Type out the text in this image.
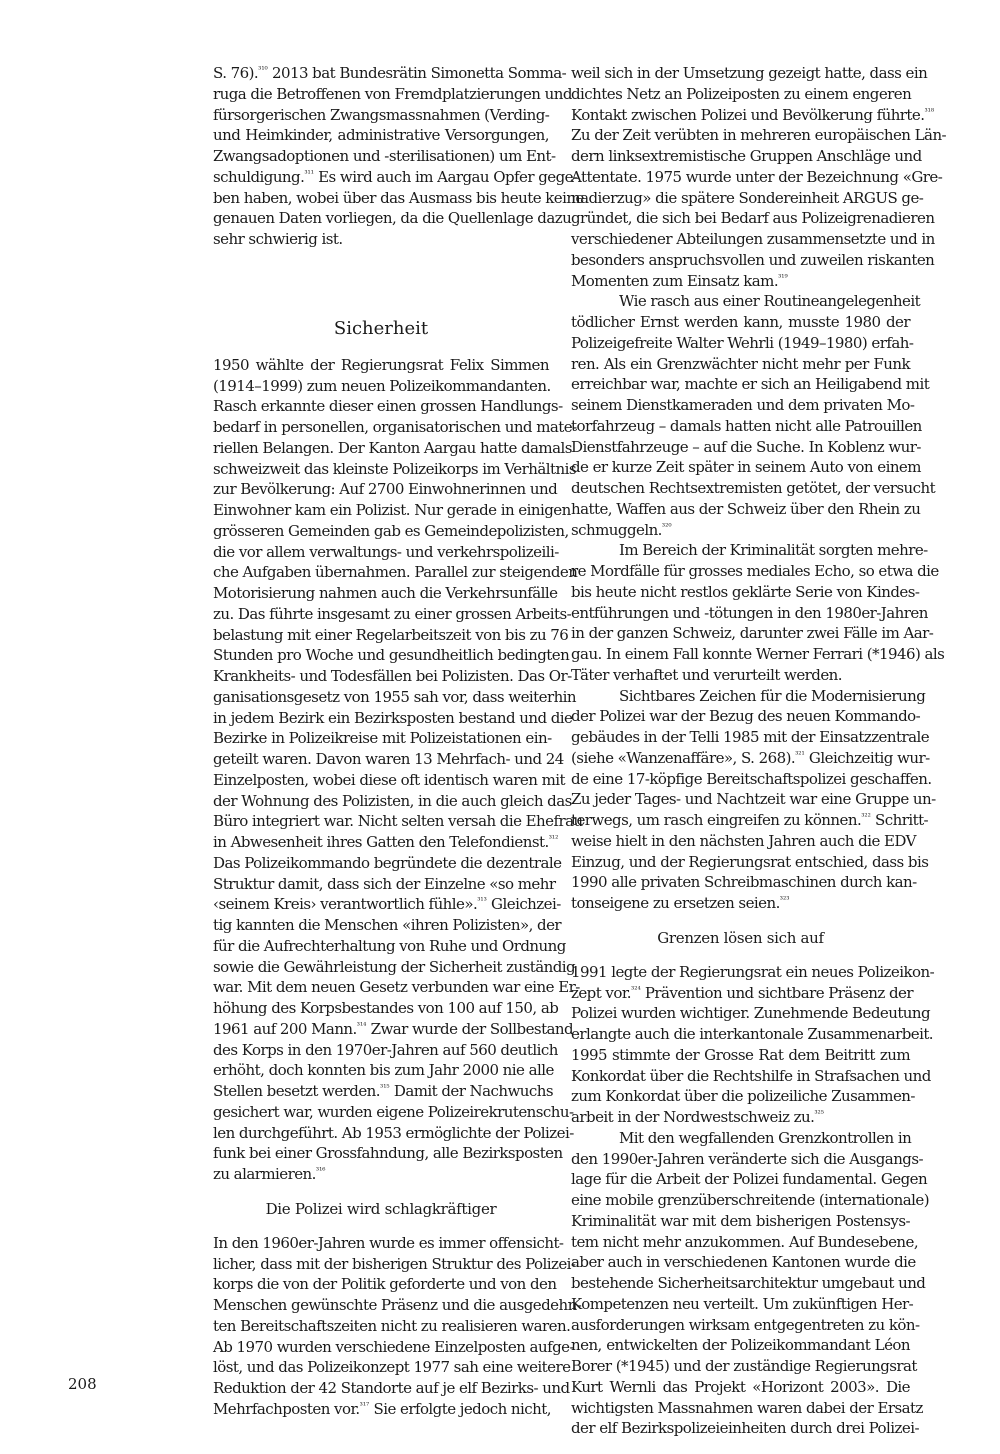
S. 76).$^{^{310}}$ 2013 bat Bundesrätin Simonetta Somma-
ruga die Betroffenen von Fremdplatzierungen und
fürsorgerischen Zwangsmassnahmen (Verding-
und Heimkinder, administrative Versorgungen,
Zwangsadoptionen und -sterilisationen) um Ent-
schuldigung.$^{^{311}}$ Es wird auch im Aargau Opfer gege-
ben haben, wobei über das Ausmass bis heute keine
genauen Daten vorliegen, da die Quellenlage dazu
sehr schwierig ist.
Sicherheit
1950 wählte der Regierungsrat Felix Simmen
(1914–1999) zum neuen Polizeikommandanten.
Rasch erkannte dieser einen grossen Handlungs-
bedarf in personellen, organisatorischen und mate-
riellen Belangen. Der Kanton Aargau hatte damals
schweizweit das kleinste Polizeikorps im Verhältnis
zur Bevölkerung: Auf 2700 Einwohnerinnen und
Einwohner kam ein Polizist. Nur gerade in einigen
grösseren Gemeinden gab es Gemeindepolizisten,
die vor allem verwaltungs- und verkehrspolizeili-
che Aufgaben übernahmen. Parallel zur steigenden
Motorisierung nahmen auch die Verkehrsunfälle
zu. Das führte insgesamt zu einer grossen Arbeits-
belastung mit einer Regelarbeitszeit von bis zu 76
Stunden pro Woche und gesundheitlich bedingten
Krankheits- und Todesfällen bei Polizisten. Das Or-
ganisationsgesetz von 1955 sah vor, dass weiterhin
in jedem Bezirk ein Bezirksposten bestand und die
Bezirke in Polizeikreise mit Polizeistationen ein-
geteilt waren. Davon waren 13 Mehrfach- und 24
Einzelposten, wobei diese oft identisch waren mit
der Wohnung des Polizisten, in die auch gleich das
Büro integriert war. Nicht selten versah die Ehefrau
in Abwesenheit ihres Gatten den Telefondienst.$^{^{312}}$
Das Polizeikommando begründete die dezentrale
Struktur damit, dass sich der Einzelne «so mehr
‹seinem Kreis› verantwortlich fühle».$^{^{313}}$ Gleichzei-
tig kannten die Menschen «ihren Polizisten», der
für die Aufrechterhaltung von Ruhe und Ordnung
sowie die Gewährleistung der Sicherheit zuständig
war. Mit dem neuen Gesetz verbunden war eine Er-
höhung des Korpsbestandes von 100 auf 150, ab
1961 auf 200 Mann.$^{^{314}}$ Zwar wurde der Sollbestand
des Korps in den 1970er-Jahren auf 560 deutlich
erhöht, doch konnten bis zum Jahr 2000 nie alle
Stellen besetzt werden.$^{^{315}}$ Damit der Nachwuchs
gesichert war, wurden eigene Polizeirekrutenschu-
len durchgeführt. Ab 1953 ermöglichte der Polizei-
funk bei einer Grossfahndung, alle Bezirksposten
zu alarmieren.$^{^{316}}$
Die Polizei wird schlagkräftiger
In den 1960er-Jahren wurde es immer offensicht-
licher, dass mit der bisherigen Struktur des Polizei-
korps die von der Politik geforderte und von den
Menschen gewünschte Präsenz und die ausgedehn-
ten Bereitschaftszeiten nicht zu realisieren waren.
Ab 1970 wurden verschiedene Einzelposten aufge-
löst, und das Polizeikonzept 1977 sah eine weitere
Reduktion der 42 Standorte auf je elf Bezirks- und
Mehrfachposten vor.$^{^{317}}$ Sie erfolgte jedoch nicht,
weil sich in der Umsetzung gezeigt hatte, dass ein
dichtes Netz an Polizeiposten zu einem engeren
Kontakt zwischen Polizei und Bevölkerung führte.$^{^{318}}$
Zu der Zeit verübten in mehreren europäischen Län-
dern linksextremistische Gruppen Anschläge und
Attentate. 1975 wurde unter der Bezeichnung «Gre-
nadierzug» die spätere Sondereinheit ARGUS ge-
gründet, die sich bei Bedarf aus Polizeigrenadieren
verschiedener Abteilungen zusammensetzte und in
besonders anspruchsvollen und zuweilen riskanten
Momenten zum Einsatz kam.$^{^{319}}$
Wie rasch aus einer Routineangelegenheit
tödlicher Ernst werden kann, musste 1980 der
Polizeigefreite Walter Wehrli (1949–1980) erfah-
ren. Als ein Grenzwächter nicht mehr per Funk
erreichbar war, machte er sich an Heiligabend mit
seinem Dienstkameraden und dem privaten Mo-
torfahrzeug – damals hatten nicht alle Patrouillen
Dienstfahrzeuge – auf die Suche. In Koblenz wur-
de er kurze Zeit später in seinem Auto von einem
deutschen Rechtsextremisten getötet, der versucht
hatte, Waffen aus der Schweiz über den Rhein zu
schmuggeln.$^{^{320}}$
Im Bereich der Kriminalität sorgten mehre-
re Mordfälle für grosses mediales Echo, so etwa die
bis heute nicht restlos geklärte Serie von Kindes-
entführungen und -tötungen in den 1980er-Jahren
in der ganzen Schweiz, darunter zwei Fälle im Aar-
gau. In einem Fall konnte Werner Ferrari (*1946) als
Täter verhaftet und verurteilt werden.
Sichtbares Zeichen für die Modernisierung
der Polizei war der Bezug des neuen Kommando-
gebäudes in der Telli 1985 mit der Einsatzzentrale
(siehe «Wanzenaffäre», S. 268).$^{^{321}}$ Gleichzeitig wur-
de eine 17-köpfige Bereitschaftspolizei geschaffen.
Zu jeder Tages- und Nachtzeit war eine Gruppe un-
terwegs, um rasch eingreifen zu können.$^{^{322}}$ Schritt-
weise hielt in den nächsten Jahren auch die EDV
Einzug, und der Regierungsrat entschied, dass bis
1990 alle privaten Schreibmaschinen durch kan-
tonseigene zu ersetzen seien.$^{^{323}}$
Grenzen lösen sich auf
1991 legte der Regierungsrat ein neues Polizeikon-
zept vor.$^{^{324}}$ Prävention und sichtbare Präsenz der
Polizei wurden wichtiger. Zunehmende Bedeutung
erlangte auch die interkantonale Zusammenarbeit.
1995 stimmte der Grosse Rat dem Beitritt zum
Konkordat über die Rechtshilfe in Strafsachen und
zum Konkordat über die polizeiliche Zusammen-
arbeit in der Nordwestschweiz zu.$^{^{325}}$
Mit den wegfallenden Grenzkontrollen in
den 1990er-Jahren veränderte sich die Ausgangs-
lage für die Arbeit der Polizei fundamental. Gegen
eine mobile grenzüberschreitende (internationale)
Kriminalität war mit dem bisherigen Postensys-
tem nicht mehr anzukommen. Auf Bundesebene,
aber auch in verschiedenen Kantonen wurde die
bestehende Sicherheitsarchitektur umgebaut und
Kompetenzen neu verteilt. Um zukünftigen Her-
ausforderungen wirksam entgegentreten zu kön-
nen, entwickelten der Polizeikommandant Léon
Borer (*1945) und der zuständige Regierungsrat
Kurt Wernli das Projekt «Horizont 2003». Die
wichtigsten Massnahmen waren dabei der Ersatz
der elf Bezirkspolizeieinheiten durch drei Polizei-
208
